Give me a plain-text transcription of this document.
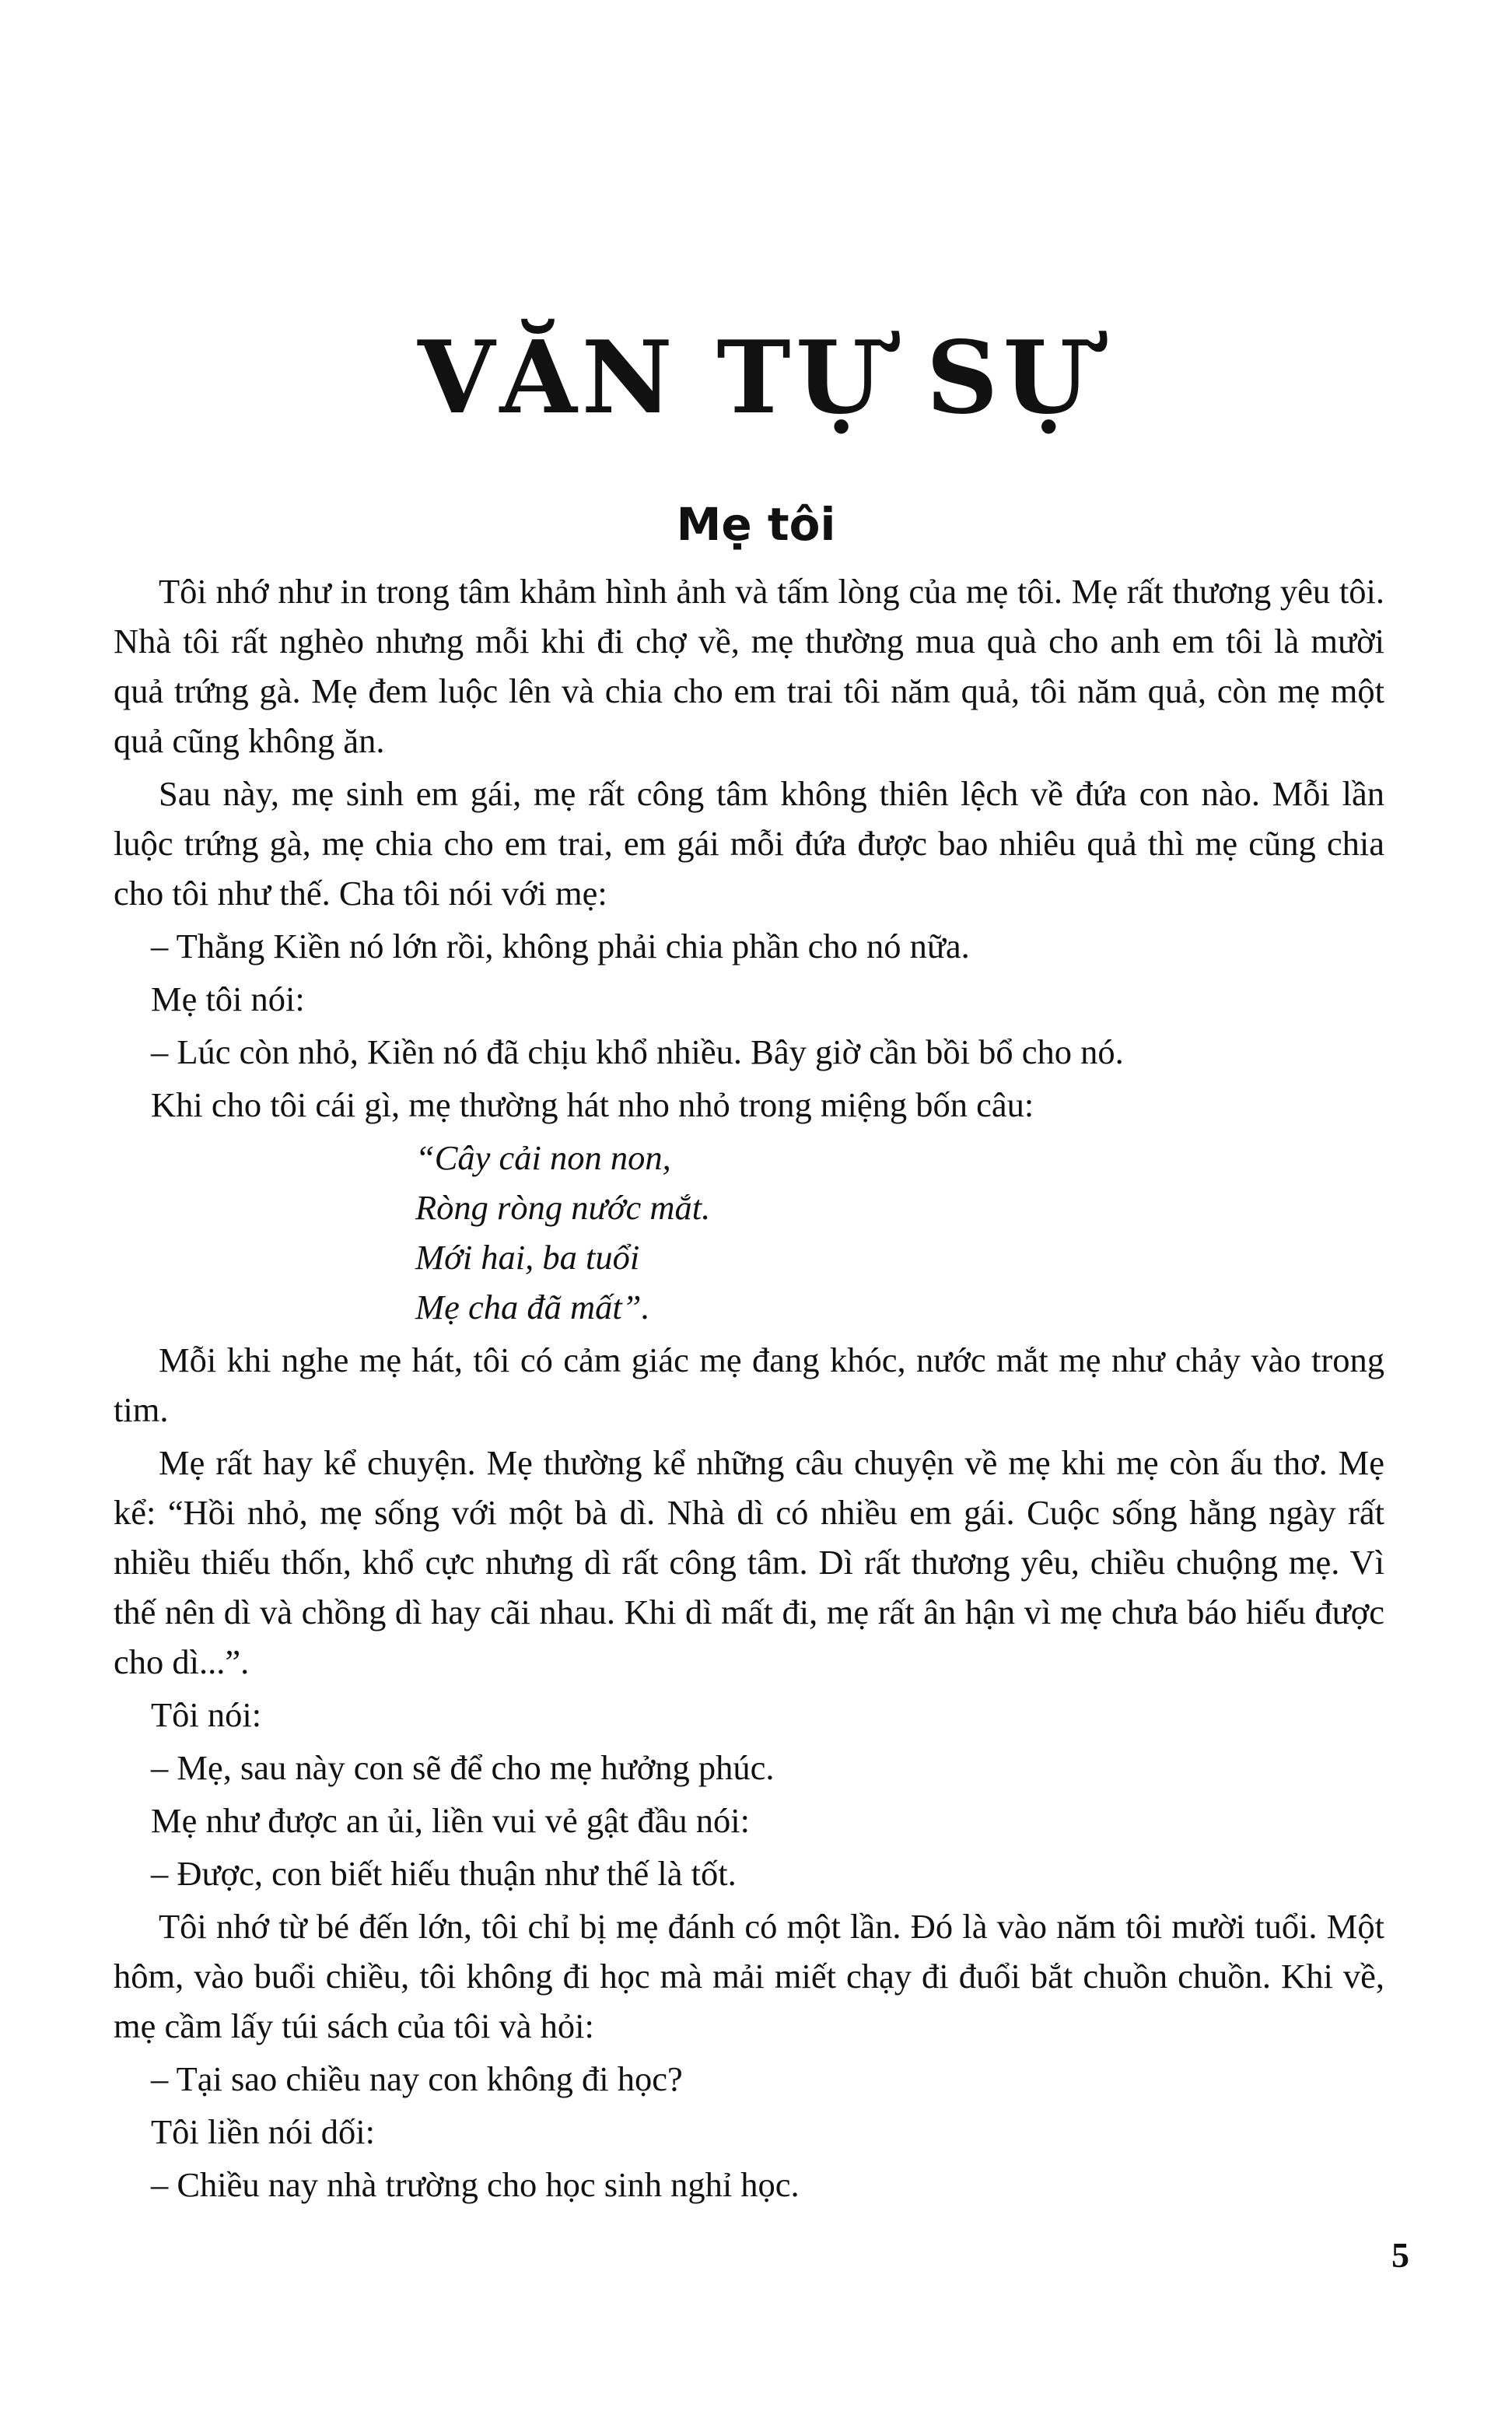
VĂN TỰ SỰ
Mẹ tôi

Tôi nhớ như in trong tâm khảm hình ảnh và tấm lòng của mẹ tôi. Mẹ rất thương yêu tôi. Nhà tôi rất nghèo nhưng mỗi khi đi chợ về, mẹ thường mua quà cho anh em tôi là mười quả trứng gà. Mẹ đem luộc lên và chia cho em trai tôi năm quả, tôi năm quả, còn mẹ một quả cũng không ăn.

Sau này, mẹ sinh em gái, mẹ rất công tâm không thiên lệch về đứa con nào. Mỗi lần luộc trứng gà, mẹ chia cho em trai, em gái mỗi đứa được bao nhiêu quả thì mẹ cũng chia cho tôi như thế. Cha tôi nói với mẹ:

– Thằng Kiền nó lớn rồi, không phải chia phần cho nó nữa.

Mẹ tôi nói:

– Lúc còn nhỏ, Kiền nó đã chịu khổ nhiều. Bây giờ cần bồi bổ cho nó.

Khi cho tôi cái gì, mẹ thường hát nho nhỏ trong miệng bốn câu:

“Cây cải non non,
Ròng ròng nước mắt.
Mới hai, ba tuổi
Mẹ cha đã mất”.

Mỗi khi nghe mẹ hát, tôi có cảm giác mẹ đang khóc, nước mắt mẹ như chảy vào trong tim.

Mẹ rất hay kể chuyện. Mẹ thường kể những câu chuyện về mẹ khi mẹ còn ấu thơ. Mẹ kể: “Hồi nhỏ, mẹ sống với một bà dì. Nhà dì có nhiều em gái. Cuộc sống hằng ngày rất nhiều thiếu thốn, khổ cực nhưng dì rất công tâm. Dì rất thương yêu, chiều chuộng mẹ. Vì thế nên dì và chồng dì hay cãi nhau. Khi dì mất đi, mẹ rất ân hận vì mẹ chưa báo hiếu được cho dì...”.

Tôi nói:

– Mẹ, sau này con sẽ để cho mẹ hưởng phúc.

Mẹ như được an ủi, liền vui vẻ gật đầu nói:

– Được, con biết hiếu thuận như thế là tốt.

Tôi nhớ từ bé đến lớn, tôi chỉ bị mẹ đánh có một lần. Đó là vào năm tôi mười tuổi. Một hôm, vào buổi chiều, tôi không đi học mà mải miết chạy đi đuổi bắt chuồn chuồn. Khi về, mẹ cầm lấy túi sách của tôi và hỏi:

– Tại sao chiều nay con không đi học?

Tôi liền nói dối:

– Chiều nay nhà trường cho học sinh nghỉ học.

5
